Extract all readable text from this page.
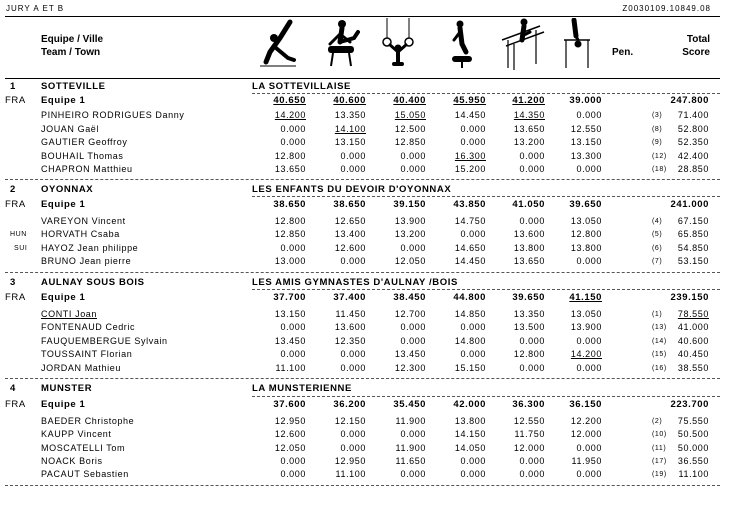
JURY A ET B	Z0030109.10849.08
Equipe / Ville
Team / Town	Pen.
Total
Score
1	SOTTEVILLE	LA SOTTEVILLAISE
FRA Equipe 1	40.650	40.600	40.400	45.950	41.200	39.000	247.800
PINHEIRO RODRIGUES Danny	14.200	13.350	15.050	14.450	14.350	0.000	(3) 71.400
JOUAN Gaël	0.000	14.100	12.500	0.000	13.650	12.550	(8) 52.800
GAUTIER Geoffroy	0.000	13.150	12.850	0.000	13.200	13.150	(9) 52.350
BOUHAIL Thomas	12.800	0.000	0.000	16.300	0.000	13.300	(12) 42.400
CHAPRON Matthieu	13.650	0.000	0.000	15.200	0.000	0.000	(18) 28.850
2	OYONNAX	LES ENFANTS DU DEVOIR D'OYONNAX
FRA Equipe 1	38.650	38.650	39.150	43.850	41.050	39.650	241.000
VAREYON Vincent	12.800	12.650	13.900	14.750	0.000	13.050	(4) 67.150
HUN HORVATH Csaba	12.850	13.400	13.200	0.000	13.600	12.800	(5) 65.850
SUI HAYOZ Jean philippe	0.000	12.600	0.000	14.650	13.800	13.800	(6) 54.850
BRUNO Jean pierre	13.000	0.000	12.050	14.450	13.650	0.000	(7) 53.150
3	AULNAY SOUS BOIS	LES AMIS GYMNASTES D'AULNAY /BOIS
FRA Equipe 1	37.700	37.400	38.450	44.800	39.650	41.150	239.150
CONTI Joan	13.150	11.450	12.700	14.850	13.350	13.050	(1) 78.550
FONTENAUD Cedric	0.000	13.600	0.000	0.000	13.500	13.900	(13) 41.000
FAUQUEMBERGUE Sylvain	13.450	12.350	0.000	14.800	0.000	0.000	(14) 40.600
TOUSSAINT Florian	0.000	0.000	13.450	0.000	12.800	14.200	(15) 40.450
JORDAN Mathieu	11.100	0.000	12.300	15.150	0.000	0.000	(16) 38.550
4	MUNSTER	LA MUNSTERIENNE
FRA Equipe 1	37.600	36.200	35.450	42.000	36.300	36.150	223.700
BAEDER Christophe	12.950	12.150	11.900	13.800	12.550	12.200	(2) 75.550
KAUPP Vincent	12.600	0.000	0.000	14.150	11.750	12.000	(10) 50.500
MOSCATELLI Tom	12.050	0.000	11.900	14.050	12.000	0.000	(11) 50.000
NOACK Boris	0.000	12.950	11.650	0.000	0.000	11.950	(17) 36.550
PACAUT Sebastien	0.000	11.100	0.000	0.000	0.000	0.000	(19) 11.100
